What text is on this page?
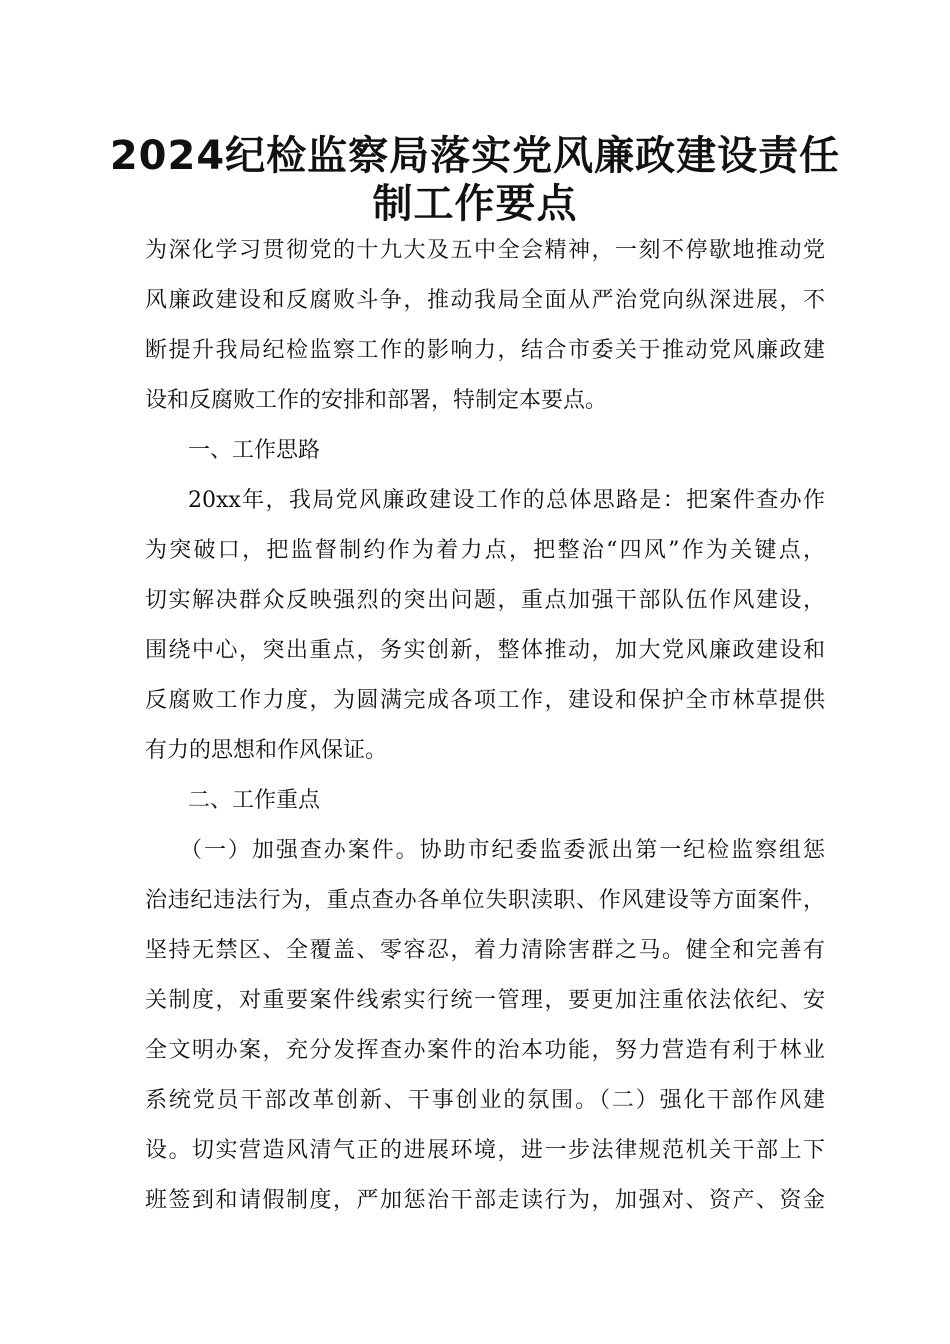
2024纪检监察局落实党风廉政建设责任
制工作要点
为深化学习贯彻党的十九大及五中全会精神，一刻不停歇地推动党
风廉政建设和反腐败斗争，推动我局全面从严治党向纵深进展，不
断提升我局纪检监察工作的影响力，结合市委关于推动党风廉政建
设和反腐败工作的安排和部署，特制定本要点。
一、工作思路
20xx年，我局党风廉政建设工作的总体思路是：把案件查办作
为突破口，把监督制约作为着力点，把整治“四风”作为关键点，
切实解决群众反映强烈的突出问题，重点加强干部队伍作风建设，
围绕中心，突出重点，务实创新，整体推动，加大党风廉政建设和
反腐败工作力度，为圆满完成各项工作，建设和保护全市林草提供
有力的思想和作风保证。
二、工作重点
（一）加强查办案件。协助市纪委监委派出第一纪检监察组惩
治违纪违法行为，重点查办各单位失职渎职、作风建设等方面案件，
坚持无禁区、全覆盖、零容忍，着力清除害群之马。健全和完善有
关制度，对重要案件线索实行统一管理，要更加注重依法依纪、安
全文明办案，充分发挥查办案件的治本功能，努力营造有利于林业
系统党员干部改革创新、干事创业的氛围。（二）强化干部作风建
设。切实营造风清气正的进展环境，进一步法律规范机关干部上下
班签到和请假制度，严加惩治干部走读行为，加强对、资产、资金
